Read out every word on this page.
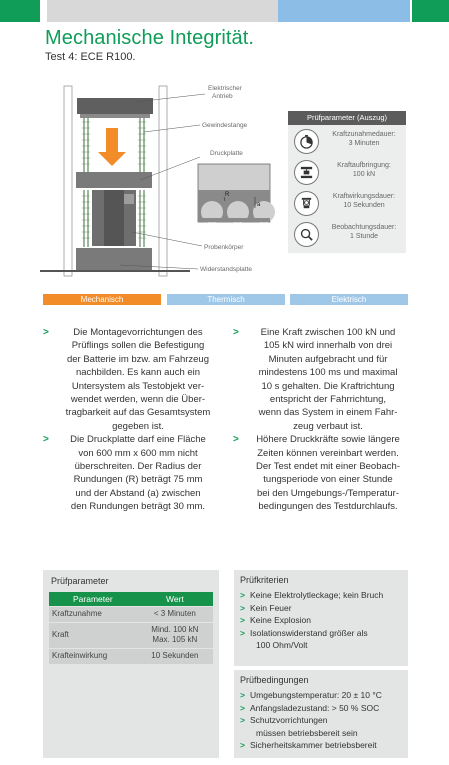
Mechanische Integrität.
Test 4: ECE R100.
Elektrischer
Antrieb
Gewindestange
Druckplatte
Probenkörper
Widerstandsplatte
R
a
Prüfparameter (Auszug)
Kraftzunahmedauer:
3 Minuten
Kraftaufbringung:
100 kN
Kraftwirkungsdauer:
10 Sekunden
Beobachtungsdauer:
1 Stunde
Mechanisch	Thermisch	Elektrisch
>	Die Montagevorrichtungen des
Prüflings sollen die Befestigung
der Batterie im bzw. am Fahrzeug
nachbilden. Es kann auch ein
Untersystem als Testobjekt ver-
wendet werden, wenn die Über-
tragbarkeit auf das Gesamtsystem
gegeben ist.
>	Die Druckplatte darf eine Fläche
von 600 mm x 600 mm nicht
überschreiten. Der Radius der
Rundungen (R) beträgt 75 mm
und der Abstand (a) zwischen
den Rundungen beträgt 30 mm.
>	Eine Kraft zwischen 100 kN und
105 kN wird innerhalb von drei
Minuten aufgebracht und für
mindestens 100 ms und maximal
10 s gehalten. Die Kraftrichtung
entspricht der Fahrrichtung,
wenn das System in einem Fahr-
zeug verbaut ist.
>	Höhere Druckkräfte sowie längere
Zeiten können vereinbart werden.
Der Test endet mit einer Beobach-
tungsperiode von einer Stunde
bei den Umgebungs-/Temperatur-
bedingungen des Testdurchlaufs.
Prüfparameter
Parameter	Wert
Kraftzunahme	< 3 Minuten
Kraft	Mind. 100 kN
Max. 105 kN
Krafteinwirkung	10 Sekunden
Prüfkriterien
> Keine Elektrolytleckage; kein Bruch
> Kein Feuer
> Keine Explosion
> Isolationswiderstand größer als
100 Ohm/Volt
Prüfbedingungen
> Umgebungstemperatur: 20 ± 10 °C
> Anfangsladezustand: > 50 % SOC
> Schutzvorrichtungen
müssen betriebsbereit sein
> Sicherheitskammer betriebsbereit
